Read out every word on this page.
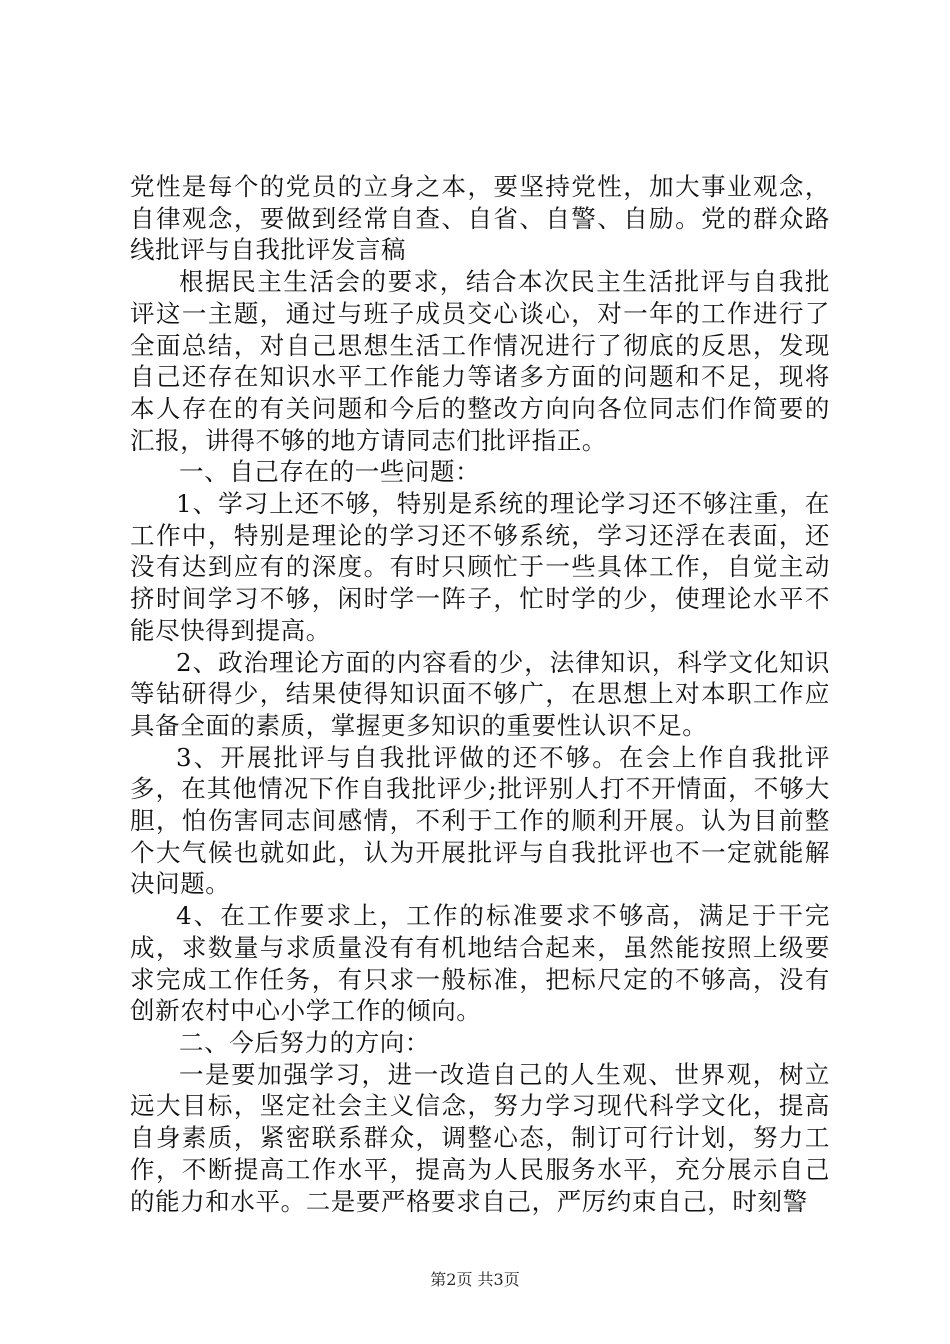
党性是每个的党员的立身之本，要坚持党性，加大事业观念，自律观念，要做到经常自查、自省、自警、自励。党的群众路线批评与自我批评发言稿

根据民主生活会的要求，结合本次民主生活批评与自我批评这一主题，通过与班子成员交心谈心，对一年的工作进行了全面总结，对自己思想生活工作情况进行了彻底的反思，发现自己还存在知识水平工作能力等诸多方面的问题和不足，现将本人存在的有关问题和今后的整改方向向各位同志们作简要的汇报，讲得不够的地方请同志们批评指正。

一、自己存在的一些问题：

1、学习上还不够，特别是系统的理论学习还不够注重，在工作中，特别是理论的学习还不够系统，学习还浮在表面，还没有达到应有的深度。有时只顾忙于一些具体工作，自觉主动挤时间学习不够，闲时学一阵子，忙时学的少，使理论水平不能尽快得到提高。

2、政治理论方面的内容看的少，法律知识，科学文化知识等钻研得少，结果使得知识面不够广，在思想上对本职工作应具备全面的素质，掌握更多知识的重要性认识不足。

3、开展批评与自我批评做的还不够。在会上作自我批评多，在其他情况下作自我批评少;批评别人打不开情面，不够大胆，怕伤害同志间感情，不利于工作的顺利开展。认为目前整个大气候也就如此，认为开展批评与自我批评也不一定就能解决问题。

4、在工作要求上，工作的标准要求不够高，满足于干完成，求数量与求质量没有有机地结合起来，虽然能按照上级要求完成工作任务，有只求一般标准，把标尺定的不够高，没有创新农村中心小学工作的倾向。

二、今后努力的方向：

一是要加强学习，进一改造自己的人生观、世界观，树立远大目标，坚定社会主义信念，努力学习现代科学文化，提高自身素质，紧密联系群众，调整心态，制订可行计划，努力工作，不断提高工作水平，提高为人民服务水平，充分展示自己的能力和水平。二是要严格要求自己，严厉约束自己，时刻警

第2页 共3页
